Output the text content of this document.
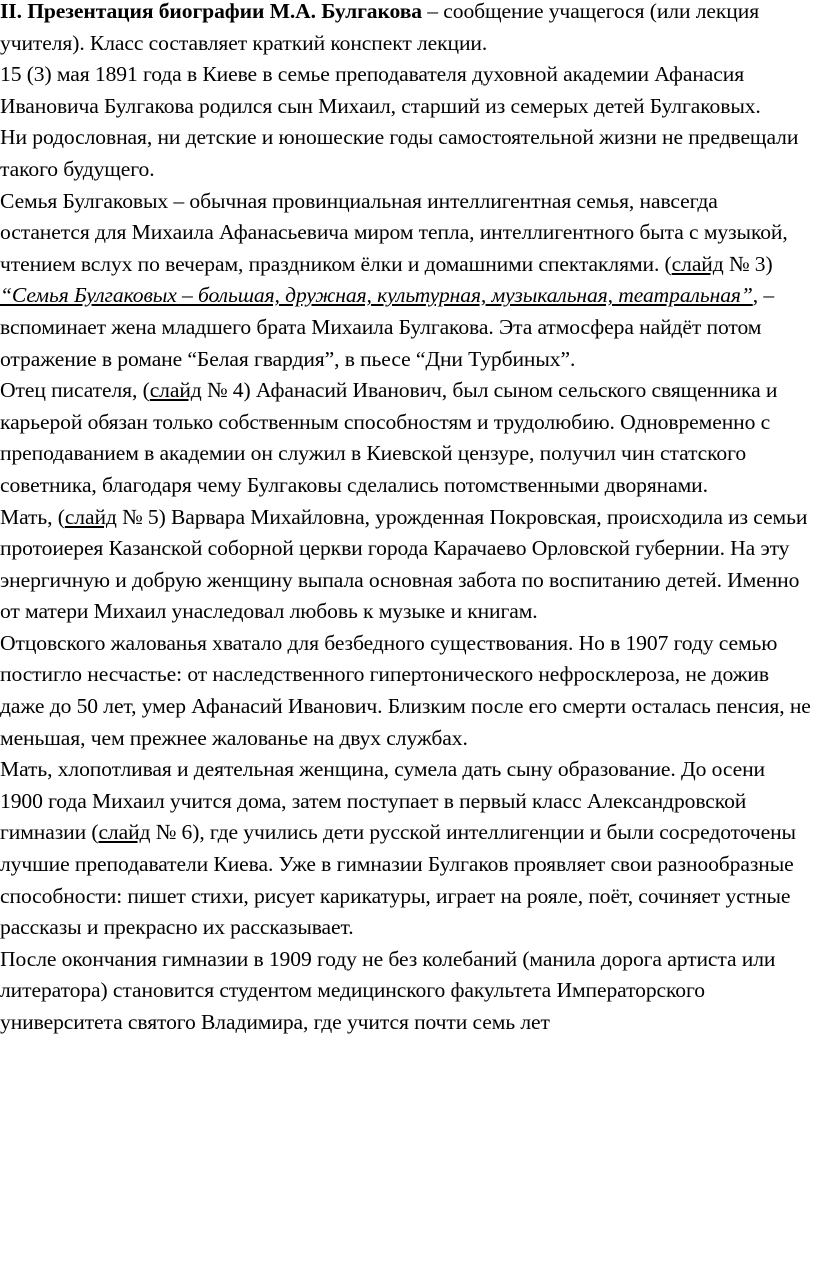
II. Презентация биографии М.А. Булгакова – сообщение учащегося (или лекция учителя). Класс составляет краткий конспект лекции.

15 (3) мая 1891 года в Киеве в семье преподавателя духовной академии Афанасия Ивановича Булгакова родился сын Михаил, старший из семерых детей Булгаковых.

Ни родословная, ни детские и юношеские годы самостоятельной жизни не предвещали такого будущего.

Семья Булгаковых – обычная провинциальная интеллигентная семья, навсегда останется для Михаила Афанасьевича миром тепла, интеллигентного быта с музыкой, чтением вслух по вечерам, праздником ёлки и домашними спектаклями. (слайд № 3) “Семья Булгаковых – большая, дружная, культурная, музыкальная, театральная”, – вспоминает жена младшего брата Михаила Булгакова. Эта атмосфера найдёт потом отражение в романе “Белая гвардия”, в пьесе “Дни Турбиных”.

Отец писателя, (слайд № 4) Афанасий Иванович, был сыном сельского священника и карьерой обязан только собственным способностям и трудолюбию. Одновременно с преподаванием в академии он служил в Киевской цензуре, получил чин статского советника, благодаря чему Булгаковы сделались потомственными дворянами.

Мать, (слайд № 5) Варвара Михайловна, урожденная Покровская, происходила из семьи протоиерея Казанской соборной церкви города Карачаево Орловской губернии. На эту энергичную и добрую женщину выпала основная забота по воспитанию детей. Именно от матери Михаил унаследовал любовь к музыке и книгам.

Отцовского жалованья хватало для безбедного существования. Но в 1907 году семью постигло несчастье: от наследственного гипертонического нефросклероза, не дожив даже до 50 лет, умер Афанасий Иванович. Близким после его смерти осталась пенсия, не меньшая, чем прежнее жалованье на двух службах.

Мать, хлопотливая и деятельная женщина, сумела дать сыну образование. До осени 1900 года Михаил учится дома, затем поступает в первый класс Александровской гимназии (слайд № 6), где учились дети русской интеллигенции и были сосредоточены лучшие преподаватели Киева. Уже в гимназии Булгаков проявляет свои разнообразные способности: пишет стихи, рисует карикатуры, играет на рояле, поёт, сочиняет устные рассказы и прекрасно их рассказывает.

После окончания гимназии в 1909 году не без колебаний (манила дорога артиста или литератора) становится студентом медицинского факультета Императорского университета святого Владимира, где учится почти семь лет
